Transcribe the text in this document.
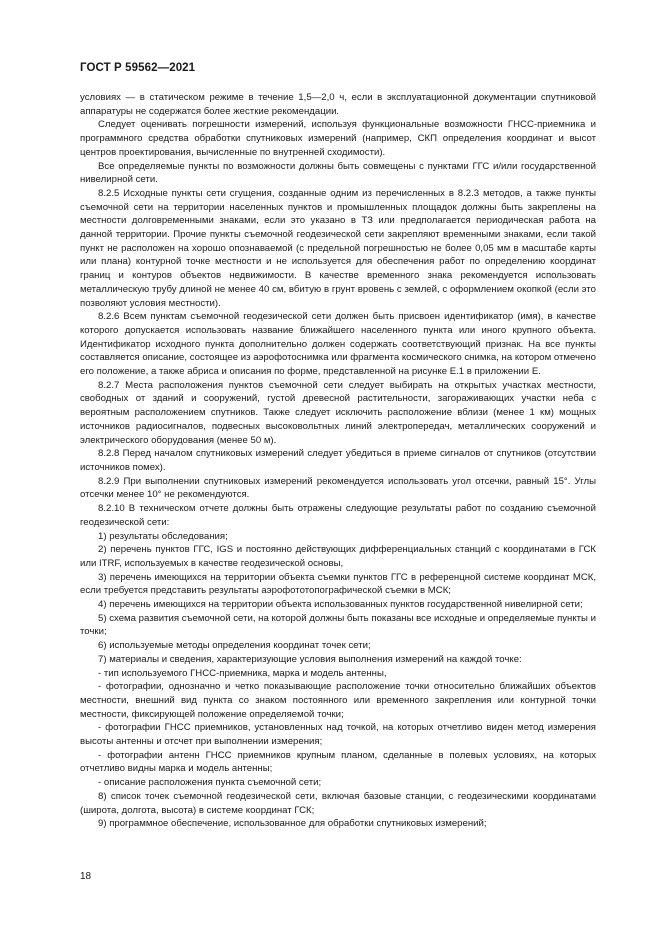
ГОСТ Р 59562—2021

условиях — в статическом режиме в течение 1,5—2,0 ч, если в эксплуатационной документации спутниковой аппаратуры не содержатся более жесткие рекомендации.

Следует оценивать погрешности измерений, используя функциональные возможности ГНСС-приемника и программного средства обработки спутниковых измерений (например, СКП определения координат и высот центров проектирования, вычисленные по внутренней сходимости).

Все определяемые пункты по возможности должны быть совмещены с пунктами ГГС и/или государственной нивелирной сети.

8.2.5 Исходные пункты сети сгущения, созданные одним из перечисленных в 8.2.3 методов, а также пункты съемочной сети на территории населенных пунктов и промышленных площадок должны быть закреплены на местности долговременными знаками, если это указано в ТЗ или предполагается периодическая работа на данной территории. Прочие пункты съемочной геодезической сети закрепляют временными знаками, если такой пункт не расположен на хорошо опознаваемой (с предельной погрешностью не более 0,05 мм в масштабе карты или плана) контурной точке местности и не используется для обеспечения работ по определению координат границ и контуров объектов недвижимости. В качестве временного знака рекомендуется использовать металлическую трубу длиной не менее 40 см, вбитую в грунт вровень с землей, с оформлением окопкой (если это позволяют условия местности).

8.2.6 Всем пунктам съемочной геодезической сети должен быть присвоен идентификатор (имя), в качестве которого допускается использовать название ближайшего населенного пункта или иного крупного объекта. Идентификатор исходного пункта дополнительно должен содержать соответствующий признак. На все пункты составляется описание, состоящее из аэрофотоснимка или фрагмента космического снимка, на котором отмечено его положение, а также абриса и описания по форме, представленной на рисунке Е.1 в приложении Е.

8.2.7 Места расположения пунктов съемочной сети следует выбирать на открытых участках местности, свободных от зданий и сооружений, густой древесной растительности, загораживающих участки неба с вероятным расположением спутников. Также следует исключить расположение вблизи (менее 1 км) мощных источников радиосигналов, подвесных высоковольтных линий электропередач, металлических сооружений и электрического оборудования (менее 50 м).

8.2.8 Перед началом спутниковых измерений следует убедиться в приеме сигналов от спутников (отсутствии источников помех).

8.2.9 При выполнении спутниковых измерений рекомендуется использовать угол отсечки, равный 15°. Углы отсечки менее 10° не рекомендуются.

8.2.10 В техническом отчете должны быть отражены следующие результаты работ по созданию съемочной геодезической сети:

1) результаты обследования;

2) перечень пунктов ГГС, IGS и постоянно действующих дифференциальных станций с координатами в ГСК или ITRF, используемых в качестве геодезической основы,

3) перечень имеющихся на территории объекта съемки пунктов ГГС в референцной системе координат МСК, если требуется представить результаты аэрофототопографической съемки в МСК;

4) перечень имеющихся на территории объекта использованных пунктов государственной нивелирной сети;

5) схема развития съемочной сети, на которой должны быть показаны все исходные и определяемые пункты и точки;

6) используемые методы определения координат точек сети;

7) материалы и сведения, характеризующие условия выполнения измерений на каждой точке:

- тип используемого ГНСС-приемника, марка и модель антенны,

- фотографии, однозначно и четко показывающие расположение точки относительно ближайших объектов местности, внешний вид пункта со знаком постоянного или временного закрепления или контурной точки местности, фиксирующей положение определяемой точки;

- фотографии ГНСС приемников, установленных над точкой, на которых отчетливо виден метод измерения высоты антенны и отсчет при выполнении измерения;

- фотографии антенн ГНСС приемников крупным планом, сделанные в полевых условиях, на которых отчетливо видны марка и модель антенны;

- описание расположения пункта съемочной сети;

8) список точек съемочной геодезической сети, включая базовые станции, с геодезическими координатами (широта, долгота, высота) в системе координат ГСК;

9) программное обеспечение, использованное для обработки спутниковых измерений;

18
